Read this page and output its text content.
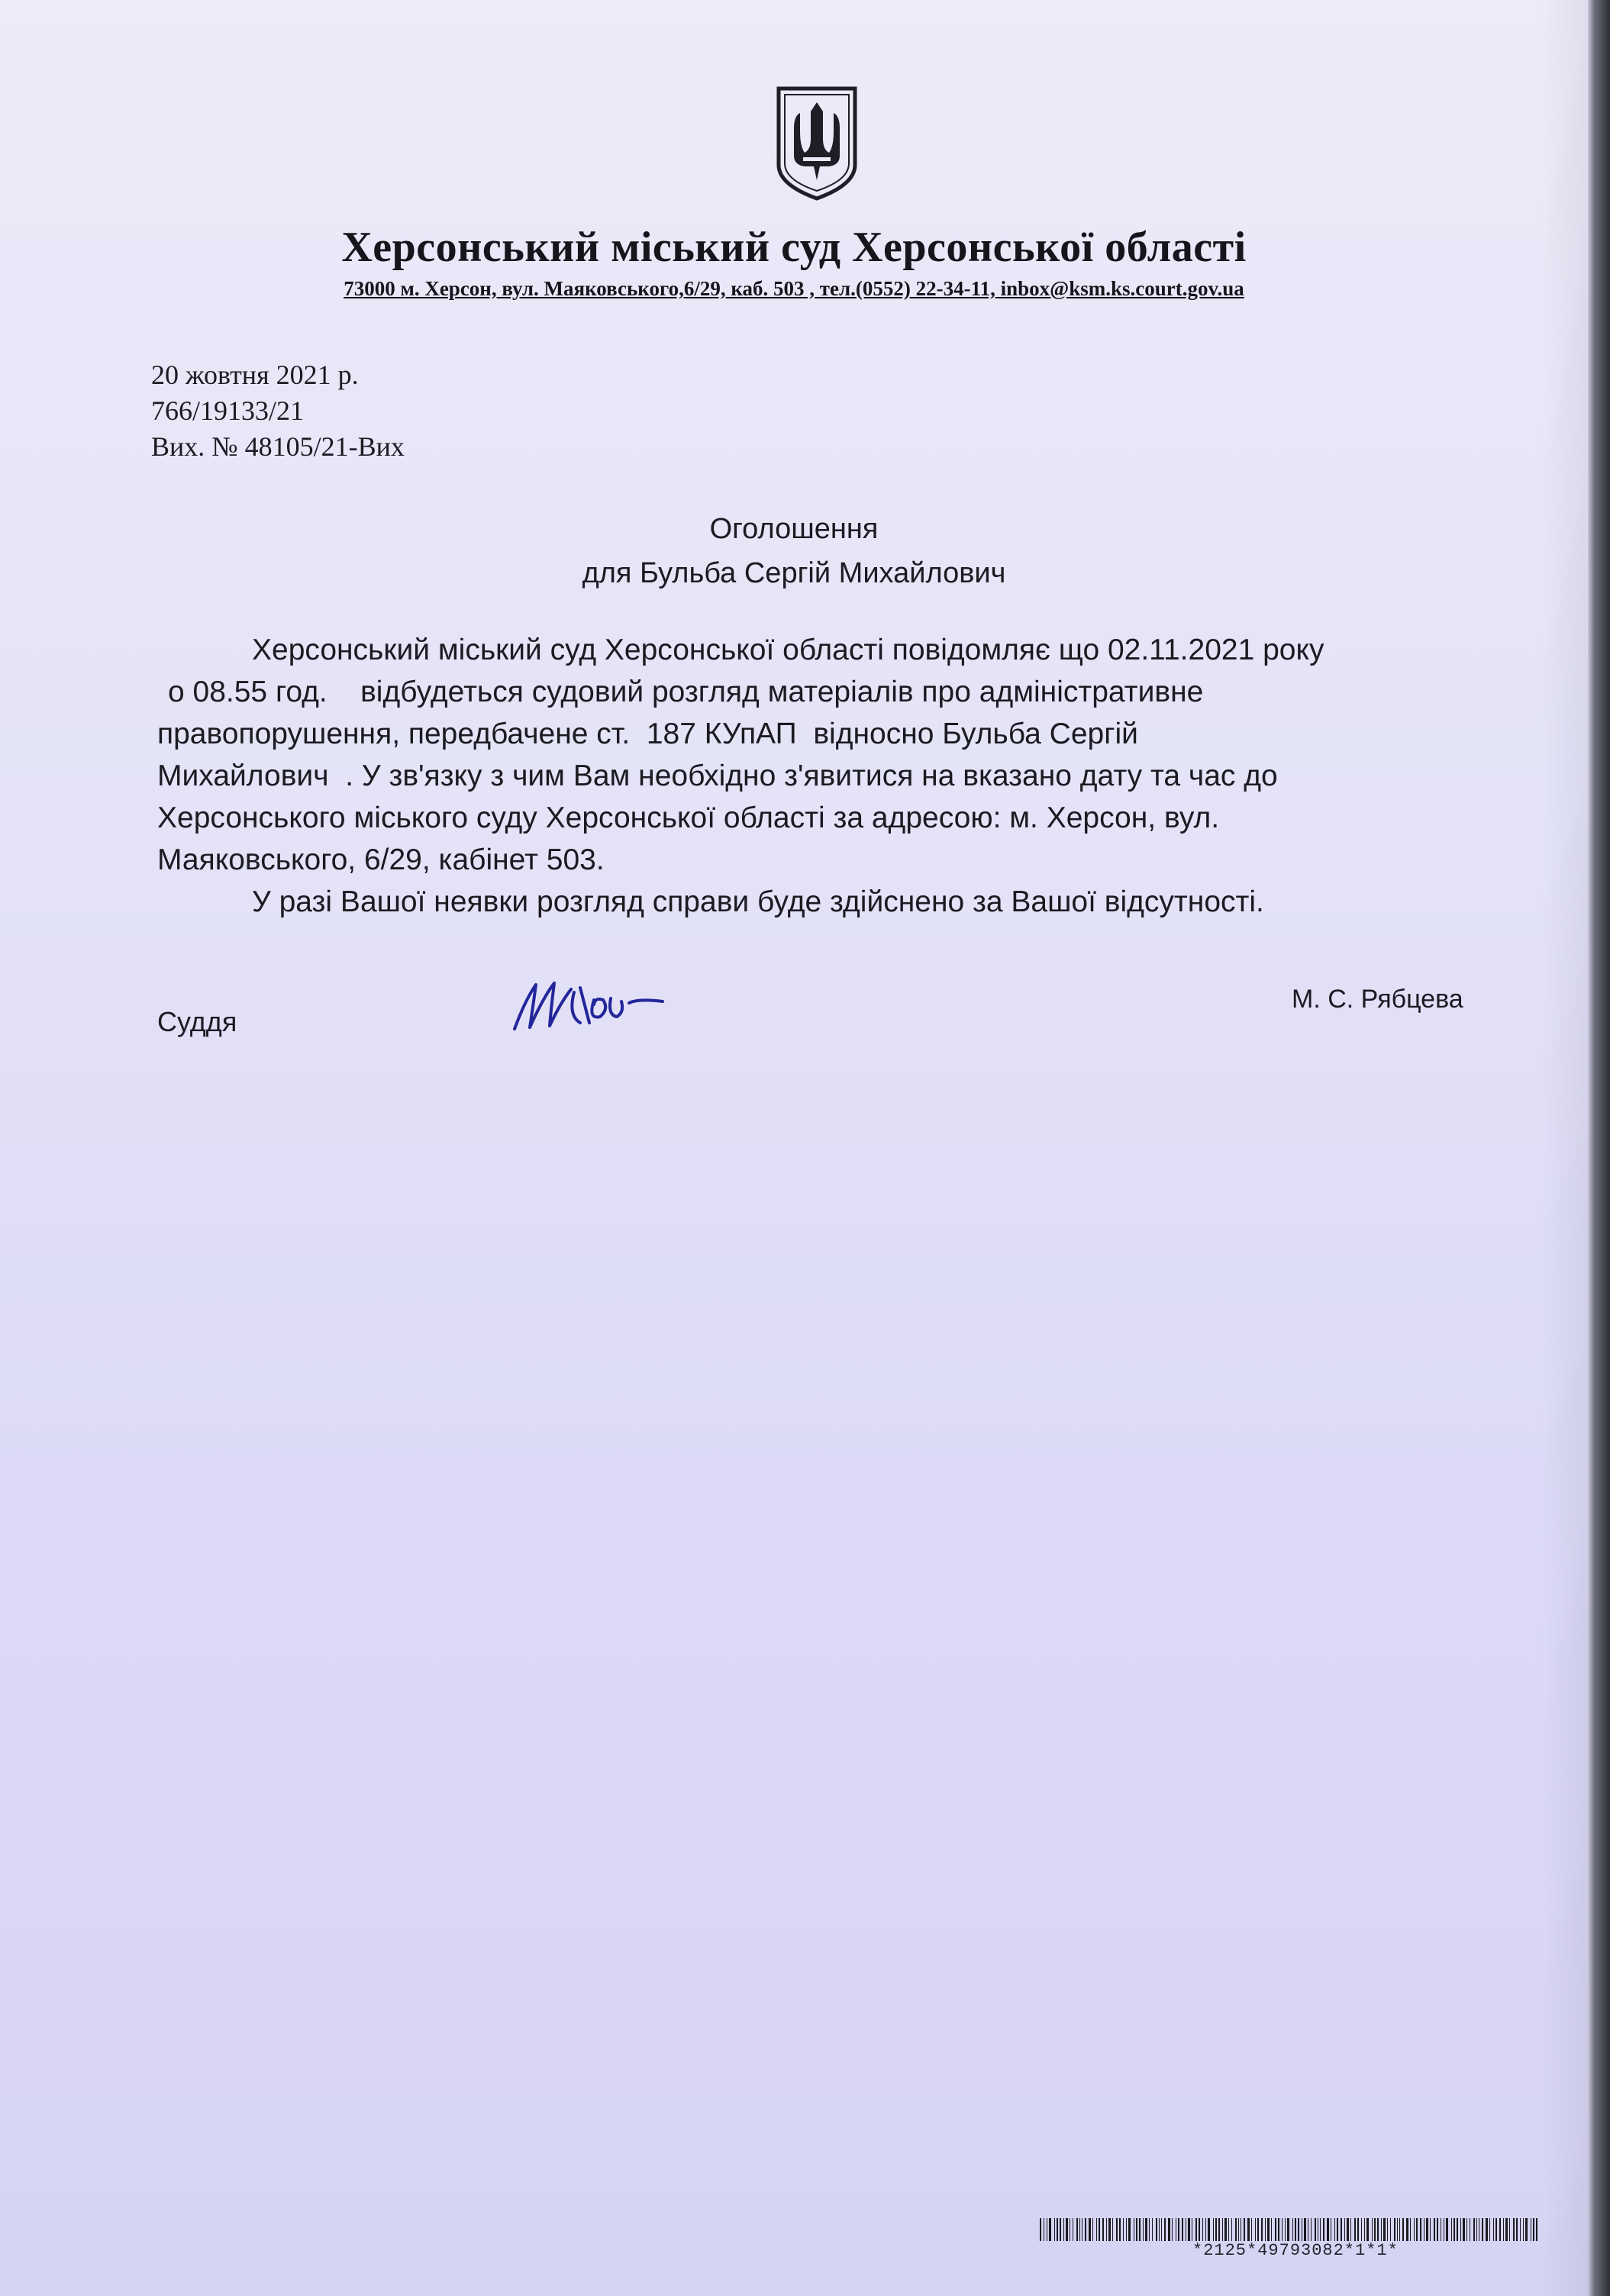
Херсонський міський суд Херсонської області
73000 м. Херсон, вул. Маяковського,6/29, каб. 503 , тел.(0552) 22-34-11, inbox@ksm.ks.court.gov.ua
20 жовтня 2021 р.
766/19133/21
Вих. № 48105/21-Вих
Оголошення
для Бульба Сергій Михайлович
Херсонський міський суд Херсонської області повідомляє що 02.11.2021 року
о 08.55 год.    відбудеться судовий розгляд матеріалів про адміністративне
правопорушення, передбачене ст.  187 КУпАП  відносно Бульба Сергій
Михайлович  . У зв'язку з чим Вам необхідно з'явитися на вказано дату та час до
Херсонського міського суду Херсонської області за адресою: м. Херсон, вул.
Маяковського, 6/29, кабінет 503.
У разі Вашої неявки розгляд справи буде здійснено за Вашої відсутності.
Суддя
М. С. Рябцева
*2125*49793082*1*1*
